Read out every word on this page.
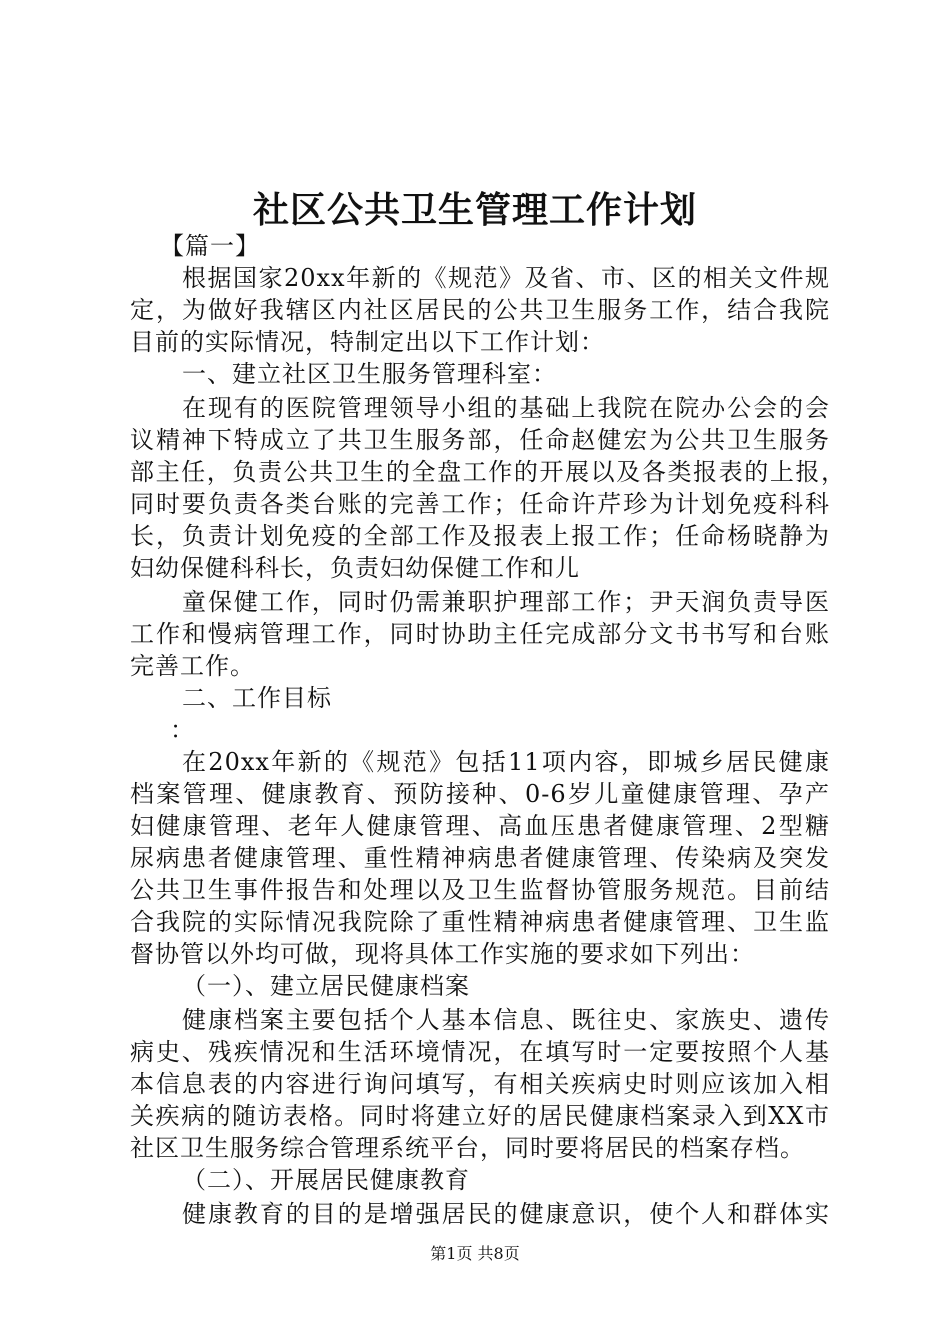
社区公共卫生管理工作计划
【篇一】
根据国家20xx年新的《规范》及省、市、区的相关文件规
定，为做好我辖区内社区居民的公共卫生服务工作，结合我院
目前的实际情况，特制定出以下工作计划：
一、建立社区卫生服务管理科室：
在现有的医院管理领导小组的基础上我院在院办公会的会
议精神下特成立了共卫生服务部，任命赵健宏为公共卫生服务
部主任，负责公共卫生的全盘工作的开展以及各类报表的上报，
同时要负责各类台账的完善工作；任命许芹珍为计划免疫科科
长，负责计划免疫的全部工作及报表上报工作；任命杨晓静为
妇幼保健科科长，负责妇幼保健工作和儿
童保健工作，同时仍需兼职护理部工作；尹天润负责导医
工作和慢病管理工作，同时协助主任完成部分文书书写和台账
完善工作。
二、工作目标
：
在20xx年新的《规范》包括11项内容，即城乡居民健康
档案管理、健康教育、预防接种、0-6岁儿童健康管理、孕产
妇健康管理、老年人健康管理、高血压患者健康管理、2型糖
尿病患者健康管理、重性精神病患者健康管理、传染病及突发
公共卫生事件报告和处理以及卫生监督协管服务规范。目前结
合我院的实际情况我院除了重性精神病患者健康管理、卫生监
督协管以外均可做，现将具体工作实施的要求如下列出：
（一）、建立居民健康档案
健康档案主要包括个人基本信息、既往史、家族史、遗传
病史、残疾情况和生活环境情况，在填写时一定要按照个人基
本信息表的内容进行询问填写，有相关疾病史时则应该加入相
关疾病的随访表格。同时将建立好的居民健康档案录入到XX市
社区卫生服务综合管理系统平台，同时要将居民的档案存档。
（二）、开展居民健康教育
健康教育的目的是增强居民的健康意识，使个人和群体实
第1页 共8页
